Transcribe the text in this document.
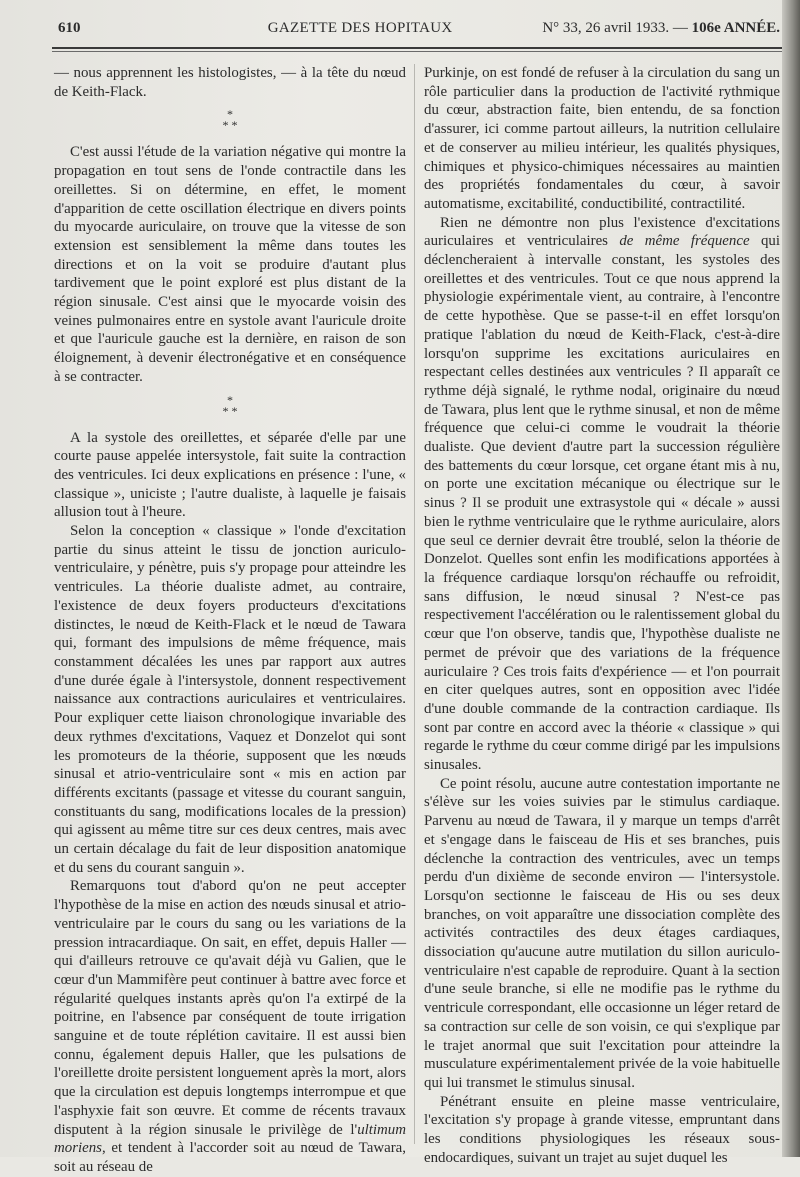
610	GAZETTE DES HOPITAUX	N° 33, 26 avril 1933. — 106e ANNÉE.

— nous apprennent les histologistes, — à la tête du nœud de Keith-Flack.

*
* *

C'est aussi l'étude de la variation négative qui montre la propagation en tout sens de l'onde contractile dans les oreillettes. Si on détermine, en effet, le moment d'apparition de cette oscillation électrique en divers points du myocarde auriculaire, on trouve que la vitesse de son extension est sensiblement la même dans toutes les directions et on la voit se produire d'autant plus tardivement que le point exploré est plus distant de la région sinusale. C'est ainsi que le myocarde voisin des veines pulmonaires entre en systole avant l'auricule droite et que l'auricule gauche est la dernière, en raison de son éloignement, à devenir électronégative et en conséquence à se contracter.

*
* *

A la systole des oreillettes, et séparée d'elle par une courte pause appelée intersystole, fait suite la contraction des ventricules. Ici deux explications en présence : l'une, « classique », uniciste ; l'autre dualiste, à laquelle je faisais allusion tout à l'heure.

Selon la conception « classique » l'onde d'excitation partie du sinus atteint le tissu de jonction auriculo-ventriculaire, y pénètre, puis s'y propage pour atteindre les ventricules. La théorie dualiste admet, au contraire, l'existence de deux foyers producteurs d'excitations distinctes, le nœud de Keith-Flack et le nœud de Tawara qui, formant des impulsions de même fréquence, mais constamment décalées les unes par rapport aux autres d'une durée égale à l'intersystole, donnent respectivement naissance aux contractions auriculaires et ventriculaires. Pour expliquer cette liaison chronologique invariable des deux rythmes d'excitations, Vaquez et Donzelot qui sont les promoteurs de la théorie, supposent que les nœuds sinusal et atrio-ventriculaire sont « mis en action par différents excitants (passage et vitesse du courant sanguin, constituants du sang, modifications locales de la pression) qui agissent au même titre sur ces deux centres, mais avec un certain décalage du fait de leur disposition anatomique et du sens du courant sanguin ».

Remarquons tout d'abord qu'on ne peut accepter l'hypothèse de la mise en action des nœuds sinusal et atrio-ventriculaire par le cours du sang ou les variations de la pression intracardiaque. On sait, en effet, depuis Haller — qui d'ailleurs retrouve ce qu'avait déjà vu Galien, que le cœur d'un Mammifère peut continuer à battre avec force et régularité quelques instants après qu'on l'a extirpé de la poitrine, en l'absence par conséquent de toute irrigation sanguine et de toute réplétion cavitaire. Il est aussi bien connu, également depuis Haller, que les pulsations de l'oreillette droite persistent longuement après la mort, alors que la circulation est depuis longtemps interrompue et que l'asphyxie fait son œuvre. Et comme de récents travaux disputent à la région sinusale le privilège de l'ultimum moriens, et tendent à l'accorder soit au nœud de Tawara, soit au réseau de

Purkinje, on est fondé de refuser à la circulation du sang un rôle particulier dans la production de l'activité rythmique du cœur, abstraction faite, bien entendu, de sa fonction d'assurer, ici comme partout ailleurs, la nutrition cellulaire et de conserver au milieu intérieur, les qualités physiques, chimiques et physico-chimiques nécessaires au maintien des propriétés fondamentales du cœur, à savoir automatisme, excitabilité, conductibilité, contractilité.

Rien ne démontre non plus l'existence d'excitations auriculaires et ventriculaires de même fréquence qui déclencheraient à intervalle constant, les systoles des oreillettes et des ventricules. Tout ce que nous apprend la physiologie expérimentale vient, au contraire, à l'encontre de cette hypothèse. Que se passe-t-il en effet lorsqu'on pratique l'ablation du nœud de Keith-Flack, c'est-à-dire lorsqu'on supprime les excitations auriculaires en respectant celles destinées aux ventricules ? Il apparaît ce rythme déjà signalé, le rythme nodal, originaire du nœud de Tawara, plus lent que le rythme sinusal, et non de même fréquence que celui-ci comme le voudrait la théorie dualiste. Que devient d'autre part la succession régulière des battements du cœur lorsque, cet organe étant mis à nu, on porte une excitation mécanique ou électrique sur le sinus ? Il se produit une extrasystole qui « décale » aussi bien le rythme ventriculaire que le rythme auriculaire, alors que seul ce dernier devrait être troublé, selon la théorie de Donzelot. Quelles sont enfin les modifications apportées à la fréquence cardiaque lorsqu'on réchauffe ou refroidit, sans diffusion, le nœud sinusal ? N'est-ce pas respectivement l'accélération ou le ralentissement global du cœur que l'on observe, tandis que, l'hypothèse dualiste ne permet de prévoir que des variations de la fréquence auriculaire ? Ces trois faits d'expérience — et l'on pourrait en citer quelques autres, sont en opposition avec l'idée d'une double commande de la contraction cardiaque. Ils sont par contre en accord avec la théorie « classique » qui regarde le rythme du cœur comme dirigé par les impulsions sinusales.

Ce point résolu, aucune autre contestation importante ne s'élève sur les voies suivies par le stimulus cardiaque. Parvenu au nœud de Tawara, il y marque un temps d'arrêt et s'engage dans le faisceau de His et ses branches, puis déclenche la contraction des ventricules, avec un temps perdu d'un dixième de seconde environ — l'intersystole. Lorsqu'on sectionne le faisceau de His ou ses deux branches, on voit apparaître une dissociation complète des activités contractiles des deux étages cardiaques, dissociation qu'aucune autre mutilation du sillon auriculo-ventriculaire n'est capable de reproduire. Quant à la section d'une seule branche, si elle ne modifie pas le rythme du ventricule correspondant, elle occasionne un léger retard de sa contraction sur celle de son voisin, ce qui s'explique par le trajet anormal que suit l'excitation pour atteindre la musculature expérimentalement privée de la voie habituelle qui lui transmet le stimulus sinusal.

Pénétrant ensuite en pleine masse ventriculaire, l'excitation s'y propage à grande vitesse, empruntant dans les conditions physiologiques les réseaux sous-endocardiques, suivant un trajet au sujet duquel les
